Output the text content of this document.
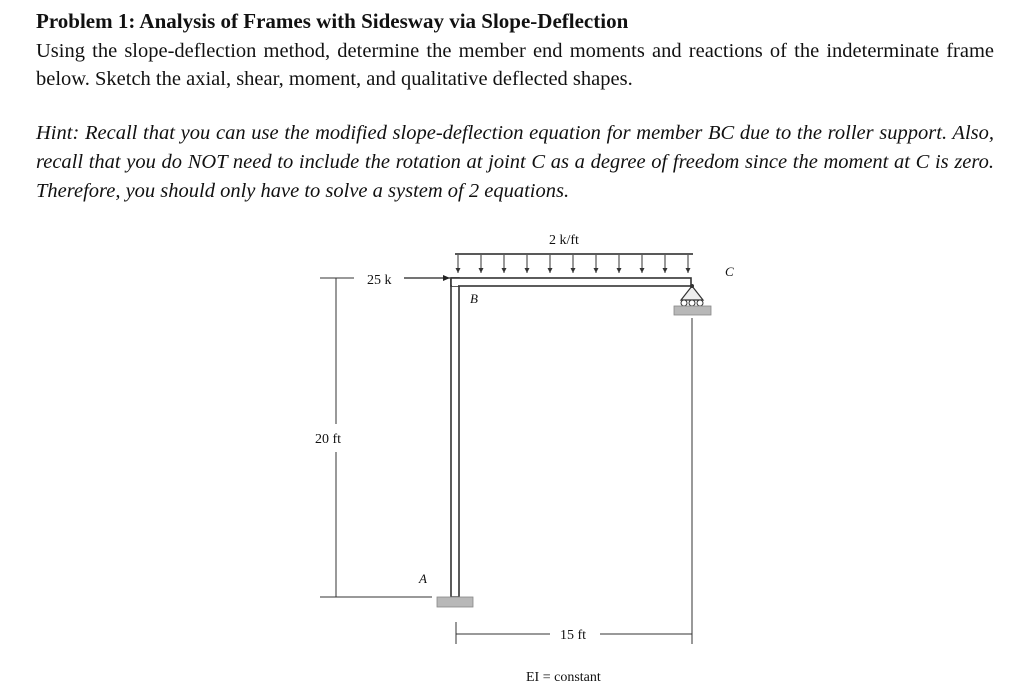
Problem 1: Analysis of Frames with Sidesway via Slope-Deflection

Using the slope-deflection method, determine the member end moments and reactions of the indeterminate frame below. Sketch the axial, shear, moment, and qualitative deflected shapes.

Hint: Recall that you can use the modified slope-deflection equation for member BC due to the roller support. Also, recall that you do NOT need to include the rotation at joint C as a degree of freedom since the moment at C is zero. Therefore, you should only have to solve a system of 2 equations.

2 k/ft
25 k
B
A
C
20 ft
15 ft
EI = constant
